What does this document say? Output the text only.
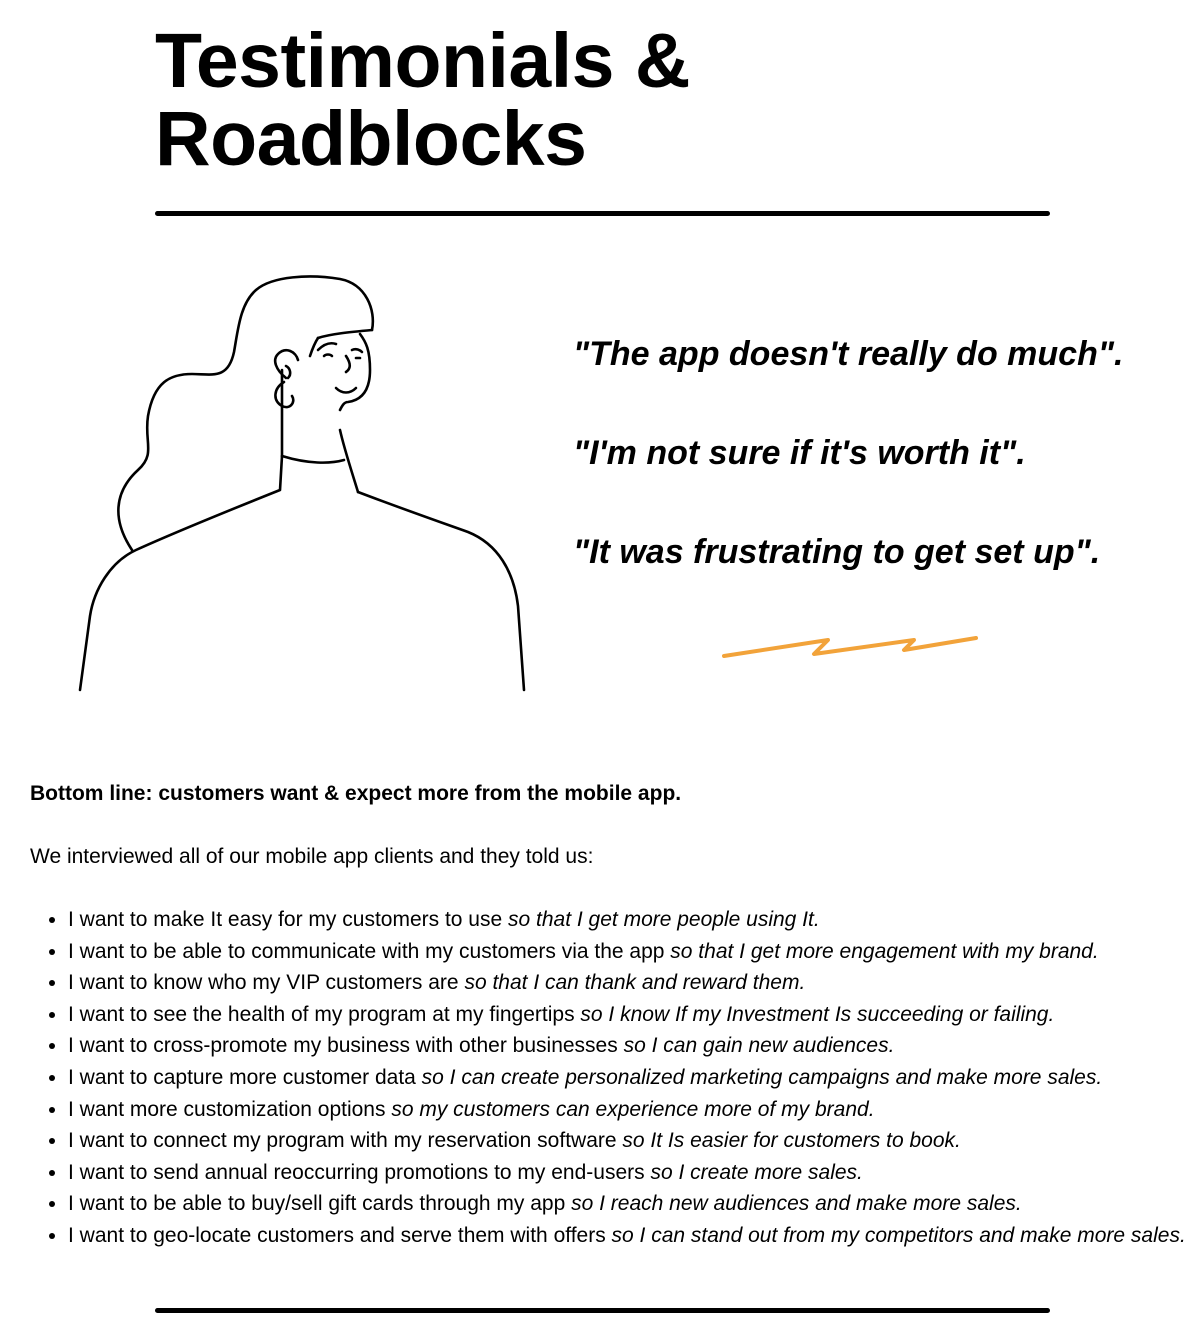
Testimonials & Roadblocks

"The app doesn't really do much".

"I'm not sure if it's worth it".

"It was frustrating to get set up".

Bottom line: customers want & expect more from the mobile app.

We interviewed all of our mobile app clients and they told us:

• I want to make It easy for my customers to use so that I get more people using It.
• I want to be able to communicate with my customers via the app so that I get more engagement with my brand.
• I want to know who my VIP customers are so that I can thank and reward them.
• I want to see the health of my program at my fingertips so I know If my Investment Is succeeding or failing.
• I want to cross-promote my business with other businesses so I can gain new audiences.
• I want to capture more customer data so I can create personalized marketing campaigns and make more sales.
• I want more customization options so my customers can experience more of my brand.
• I want to connect my program with my reservation software so It Is easier for customers to book.
• I want to send annual reoccurring promotions to my end-users so I create more sales.
• I want to be able to buy/sell gift cards through my app so I reach new audiences and make more sales.
• I want to geo-locate customers and serve them with offers so I can stand out from my competitors and make more sales.
